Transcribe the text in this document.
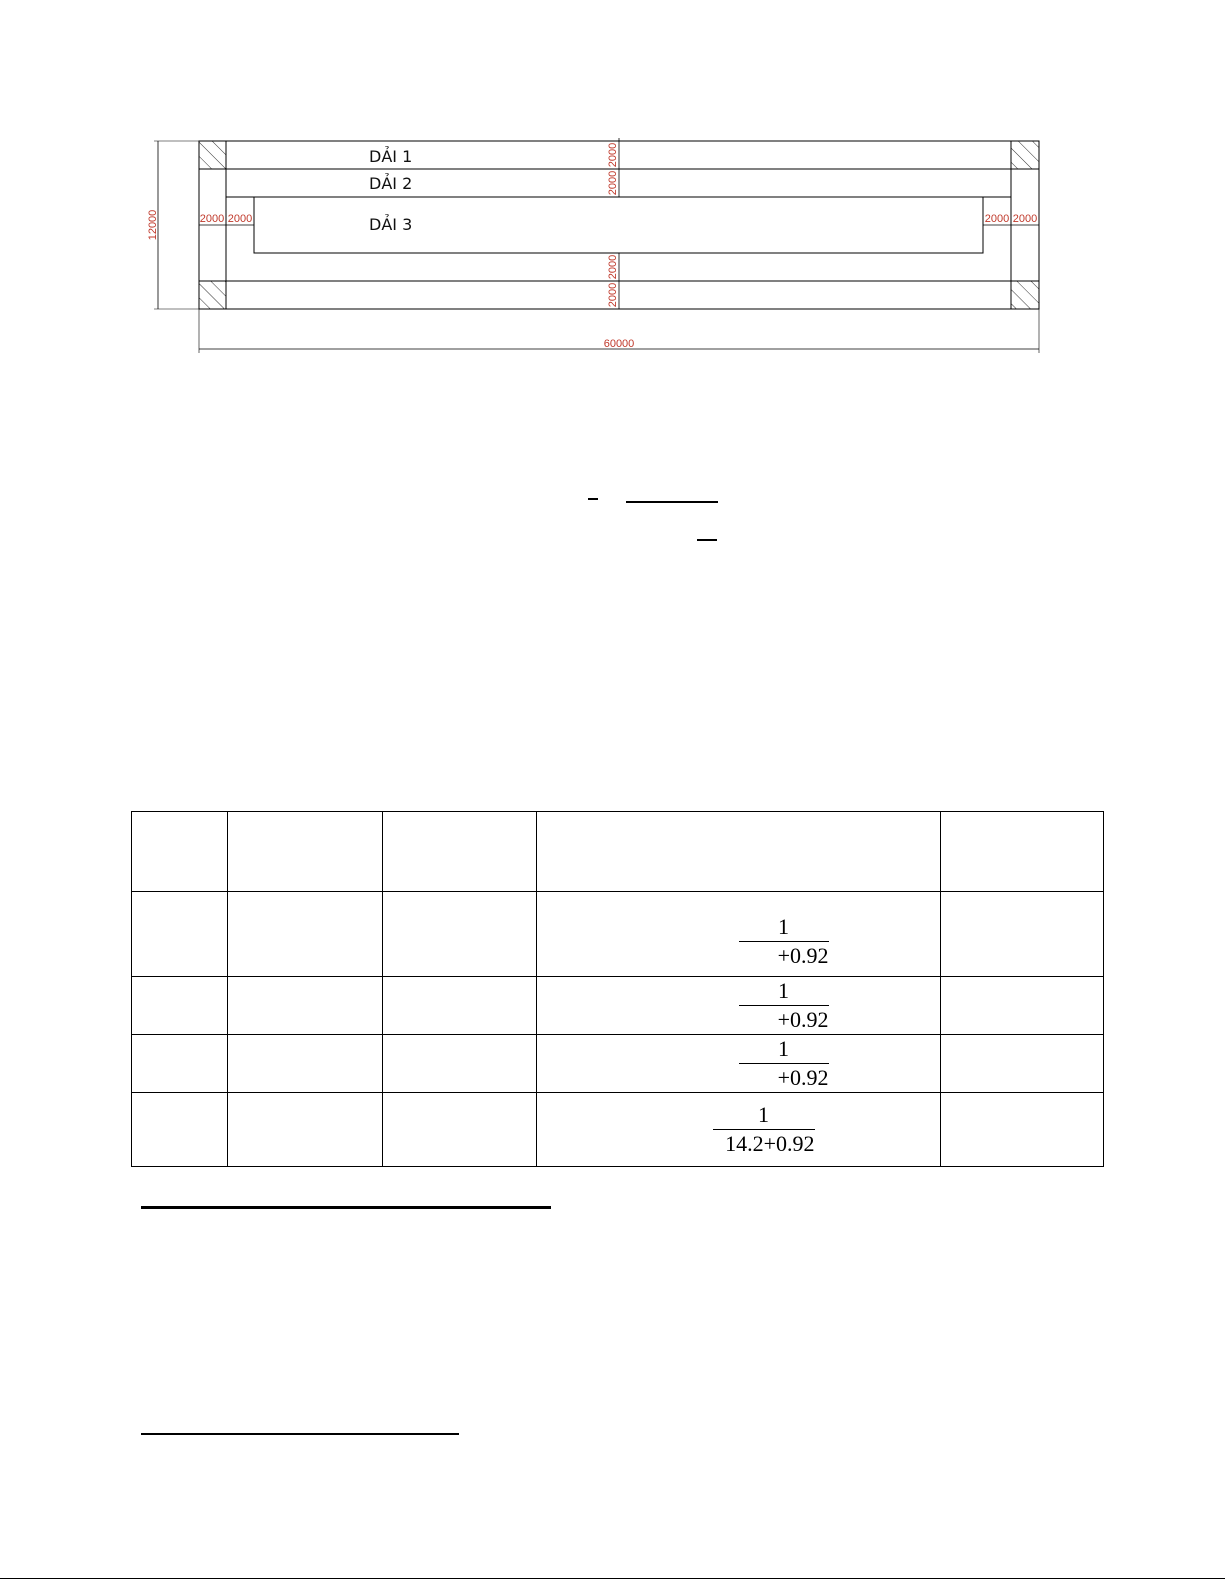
DẢI 1
DẢI 2
DẢI 3
12000
60000
2000
2000
2000
2000
2000 2000	2000 2000

			$\frac{1}{+0.92}$

			$\frac{1}{+0.92}$

			$\frac{1}{+0.92}$

			$\frac{1}{14.2+0.92}$
